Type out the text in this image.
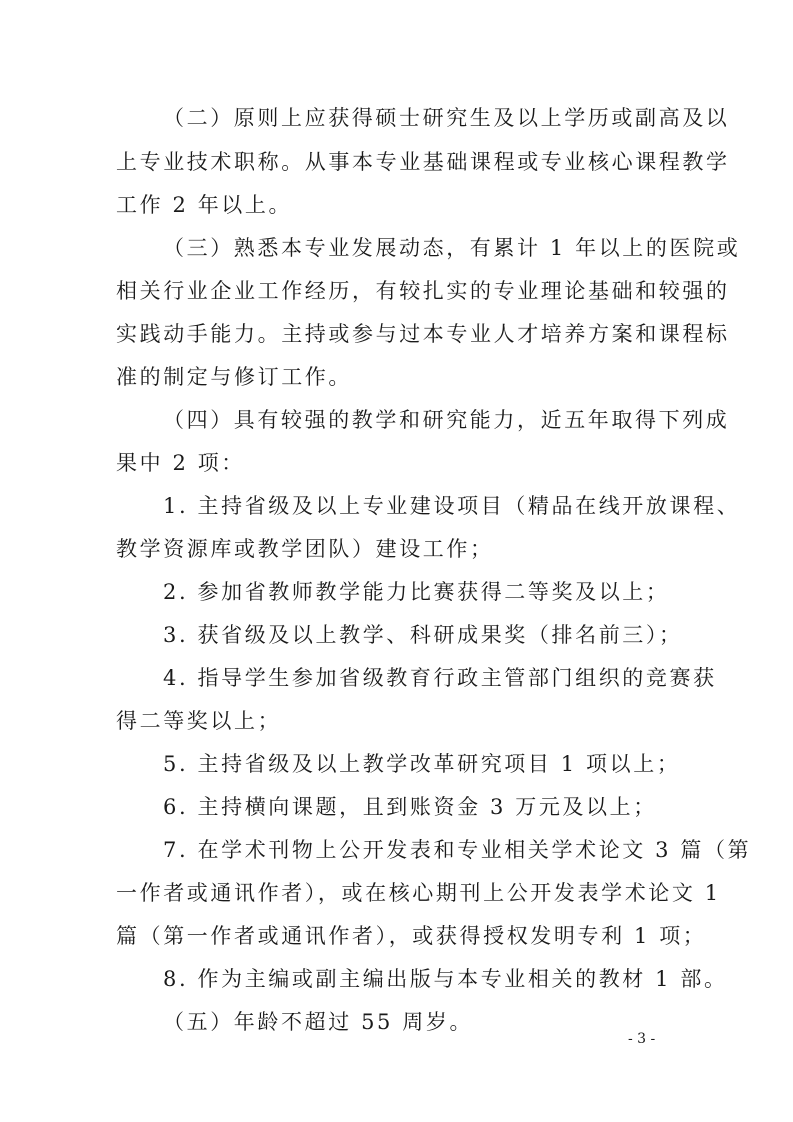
（二）原则上应获得硕士研究生及以上学历或副高及以
上专业技术职称。从事本专业基础课程或专业核心课程教学
工作 2 年以上。
（三）熟悉本专业发展动态，有累计 1 年以上的医院或
相关行业企业工作经历，有较扎实的专业理论基础和较强的
实践动手能力。主持或参与过本专业人才培养方案和课程标
准的制定与修订工作。
（四）具有较强的教学和研究能力，近五年取得下列成
果中 2 项：
1. 主持省级及以上专业建设项目（精品在线开放课程、
教学资源库或教学团队）建设工作；
2. 参加省教师教学能力比赛获得二等奖及以上；
3. 获省级及以上教学、科研成果奖（排名前三）；
4. 指导学生参加省级教育行政主管部门组织的竞赛获
得二等奖以上；
5. 主持省级及以上教学改革研究项目 1 项以上；
6. 主持横向课题，且到账资金 3 万元及以上；
7. 在学术刊物上公开发表和专业相关学术论文 3 篇（第
一作者或通讯作者），或在核心期刊上公开发表学术论文 1
篇（第一作者或通讯作者），或获得授权发明专利 1 项；
8. 作为主编或副主编出版与本专业相关的教材 1 部。
（五）年龄不超过 55 周岁。
- 3 -
